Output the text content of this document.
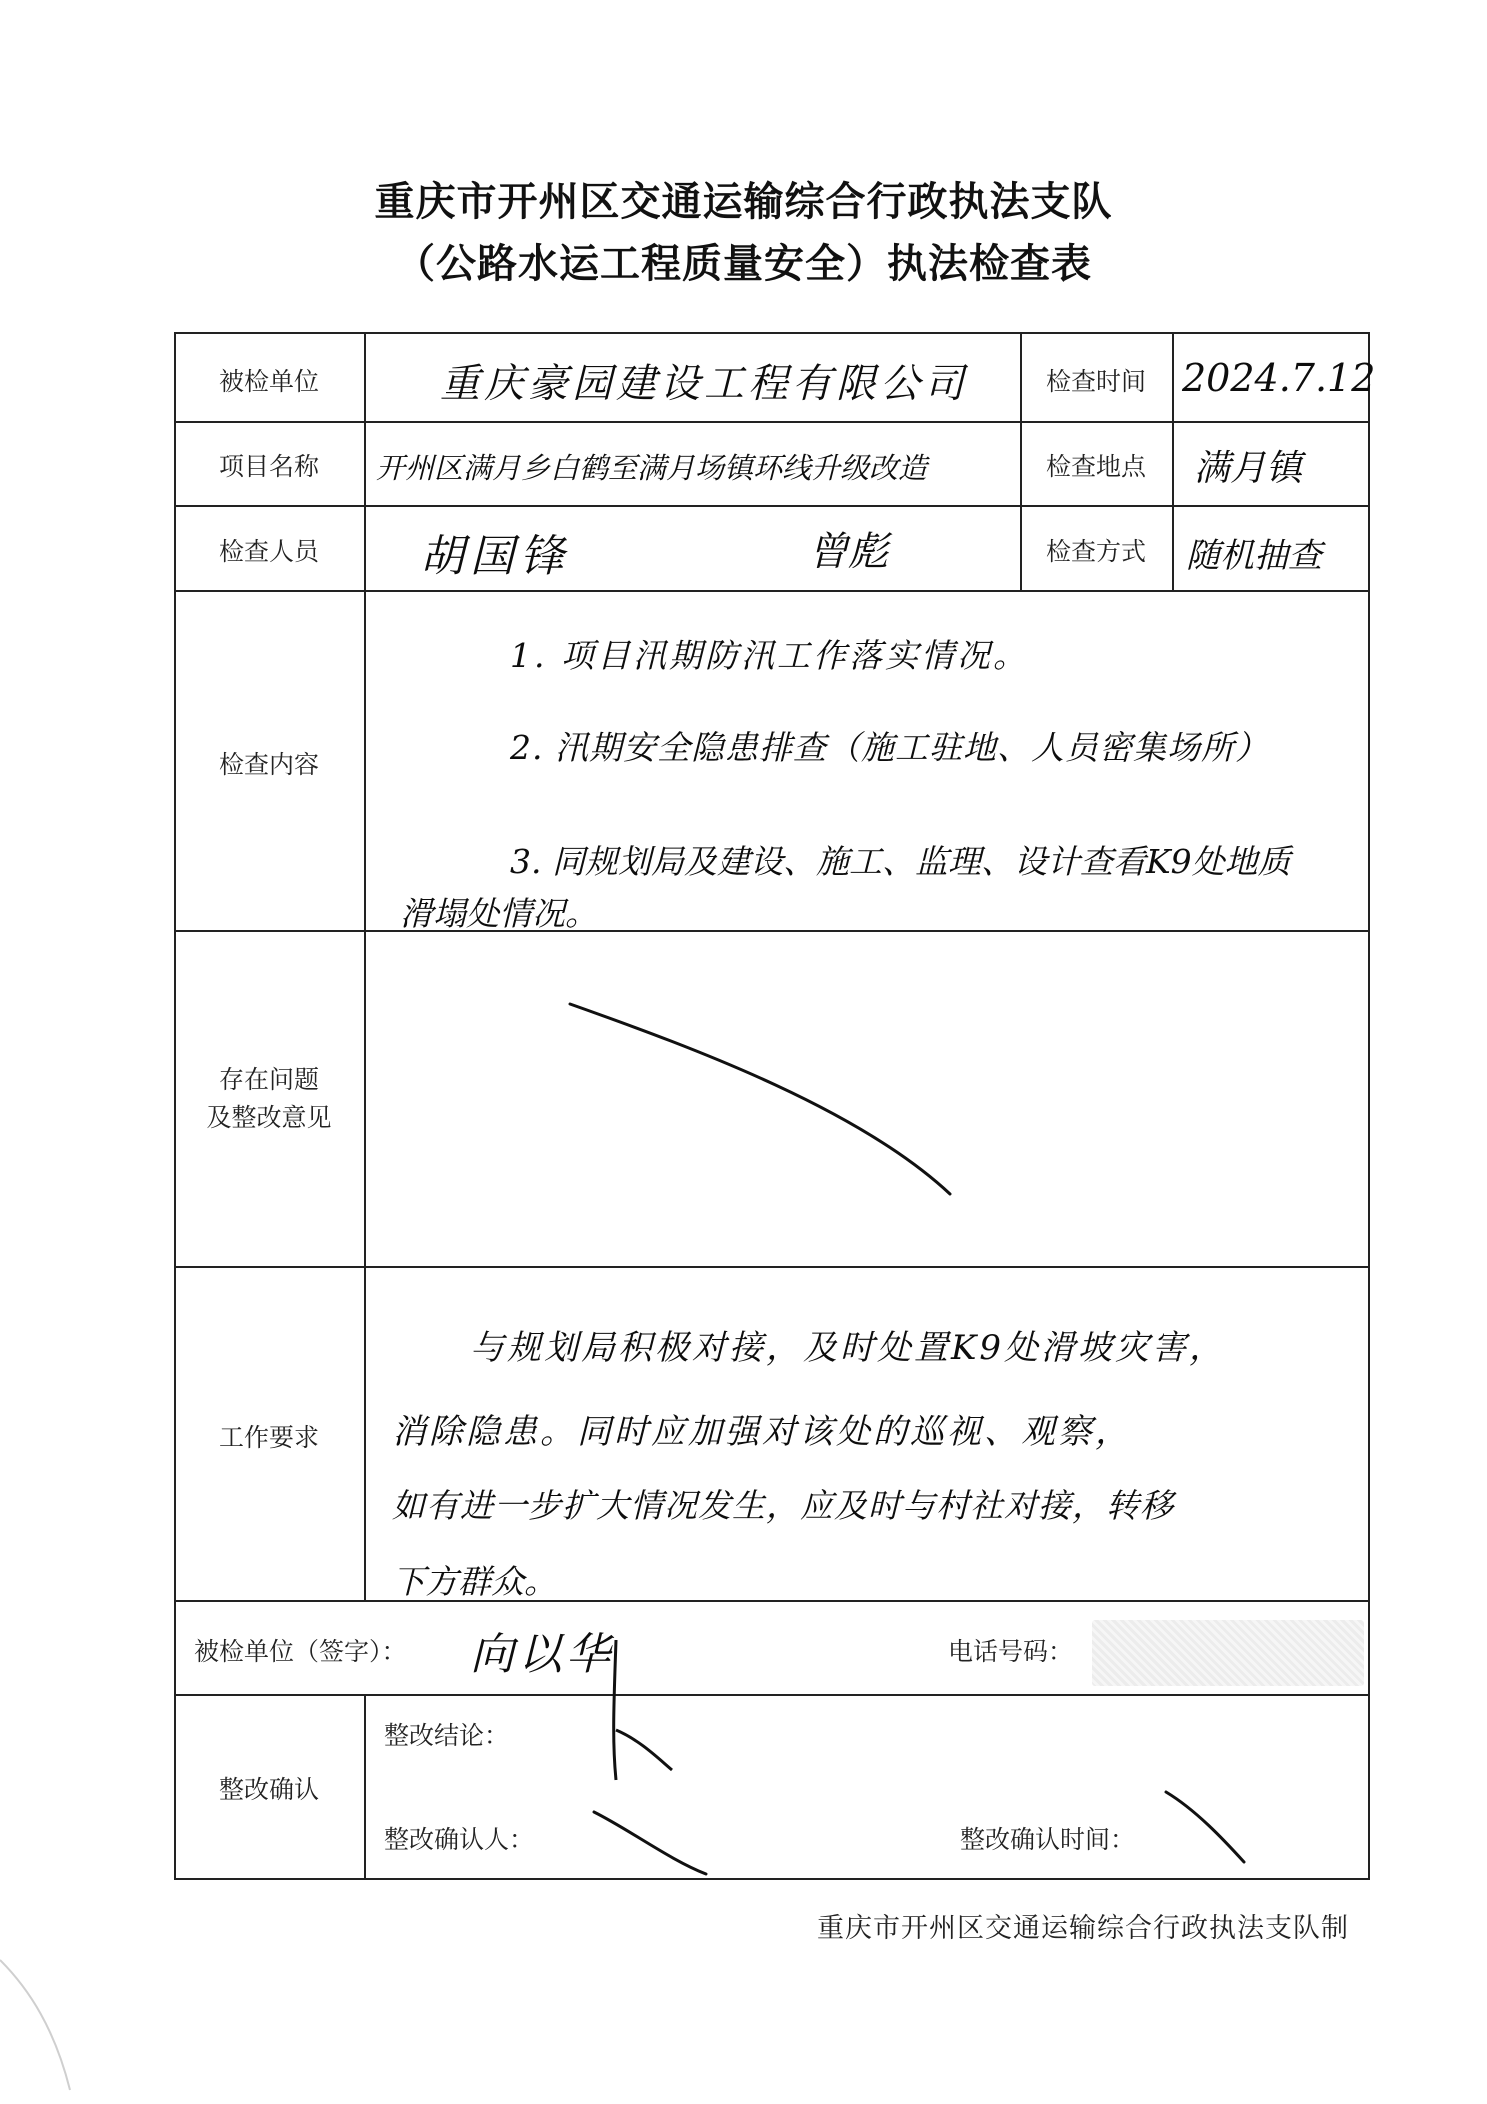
重庆市开州区交通运输综合行政执法支队
（公路水运工程质量安全）执法检查表
被检单位	重庆豪园建设工程有限公司	检查时间 2024.7.12
项目名称	开州区满月乡白鹤至满月场镇环线升级改造	检查地点	满月镇
检查人员	胡国锋	曾彪	检查方式	随机抽查
检查内容
1. 项目汛期防汛工作落实情况。
2. 汛期安全隐患排查（施工驻地、人员密集场所）
3. 同规划局及建设、施工、监理、设计查看K9处地质
滑塌处情况。
存在问题
及整改意见
工作要求
与规划局积极对接，及时处置K9处滑坡灾害，
消除隐患。同时应加强对该处的巡视、观察，
如有进一步扩大情况发生，应及时与村社对接，转移
下方群众。
被检单位（签字）： 向以华	电话号码：
整改确认
整改结论：
整改确认人：	整改确认时间：
重庆市开州区交通运输综合行政执法支队制
